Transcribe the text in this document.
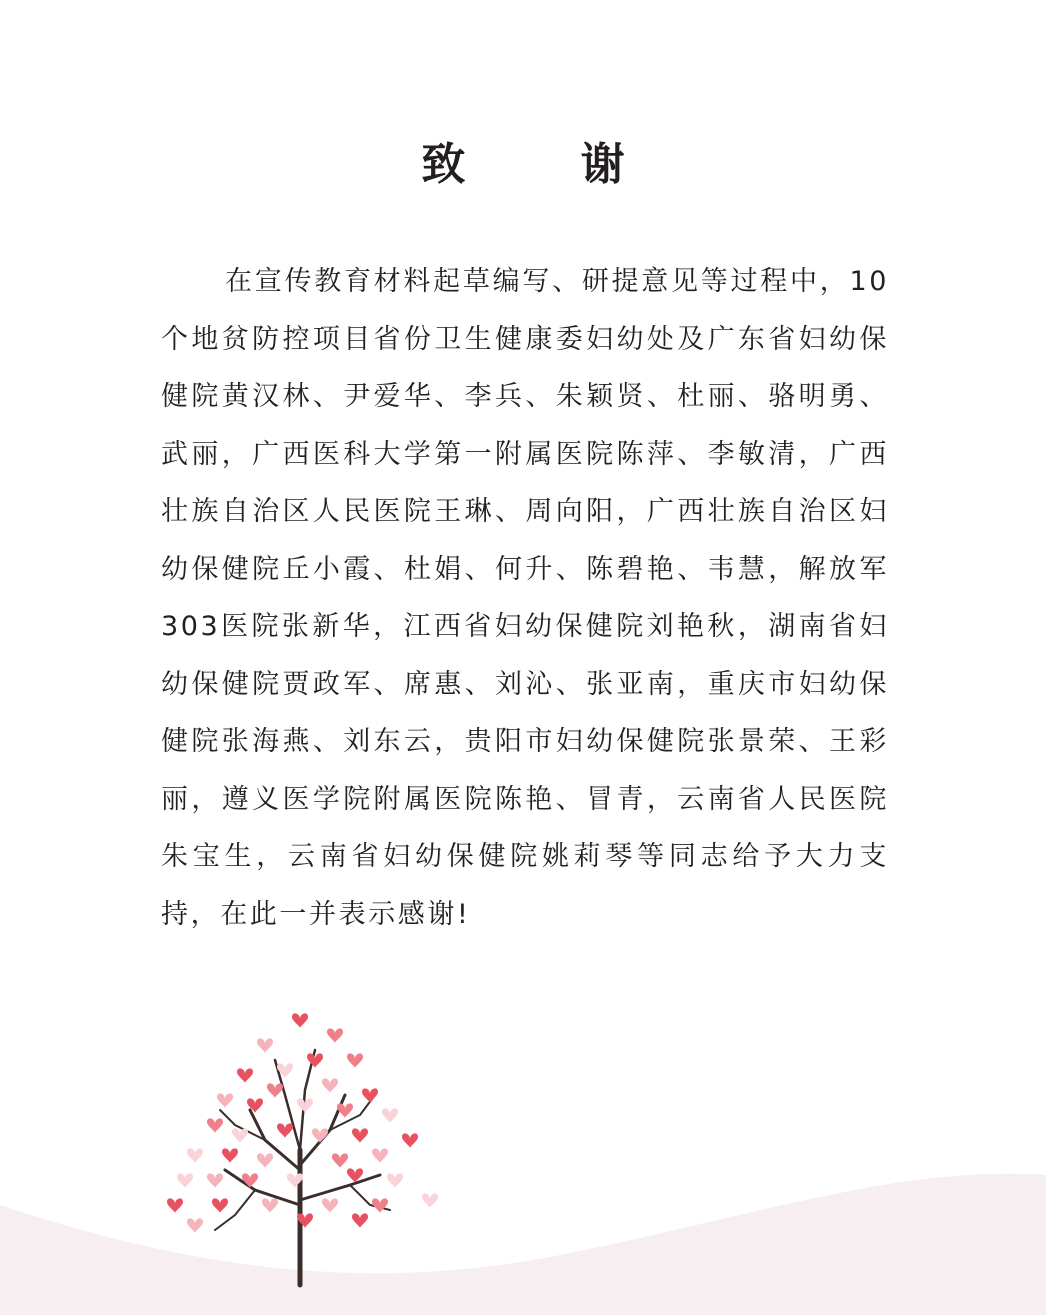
致 谢

在宣传教育材料起草编写、研提意见等过程中，10个地贫防控项目省份卫生健康委妇幼处及广东省妇幼保健院黄汉林、尹爱华、李兵、朱颖贤、杜丽、骆明勇、武丽，广西医科大学第一附属医院陈萍、李敏清，广西壮族自治区人民医院王琳、周向阳，广西壮族自治区妇幼保健院丘小霞、杜娟、何升、陈碧艳、韦慧，解放军303医院张新华，江西省妇幼保健院刘艳秋，湖南省妇幼保健院贾政军、席惠、刘沁、张亚南，重庆市妇幼保健院张海燕、刘东云，贵阳市妇幼保健院张景荣、王彩丽，遵义医学院附属医院陈艳、冒青，云南省人民医院朱宝生，云南省妇幼保健院姚莉琴等同志给予大力支持，在此一并表示感谢!
